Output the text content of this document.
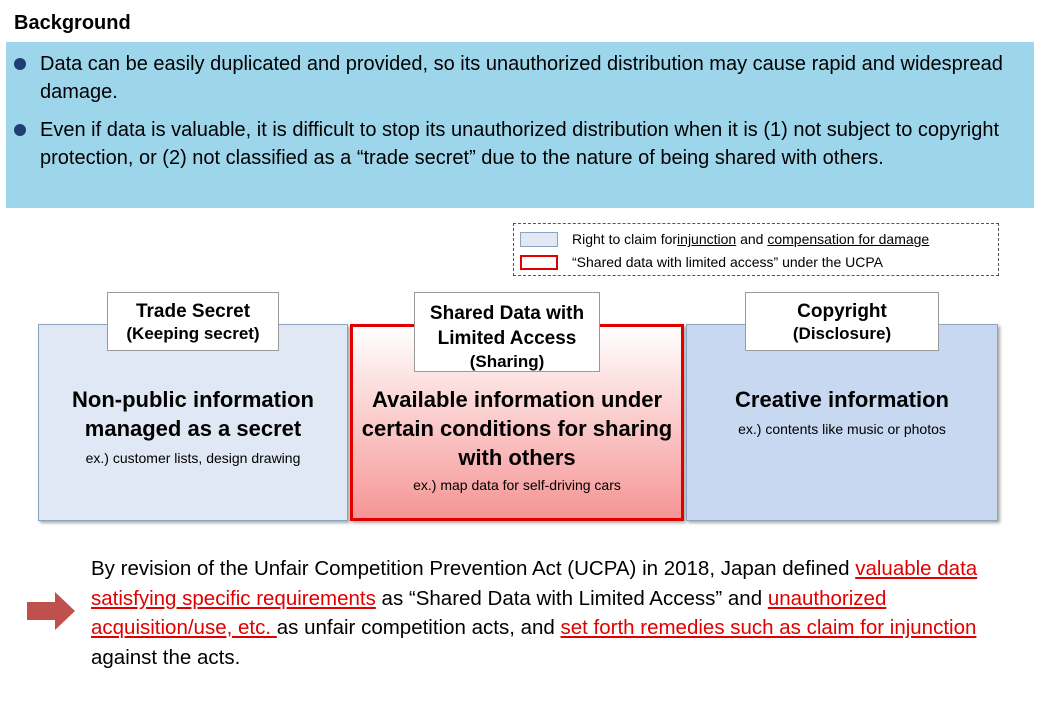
Background
Data can be easily duplicated and provided, so its unauthorized distribution may cause rapid and widespread damage.
Even if data is valuable, it is difficult to stop its unauthorized distribution when it is (1) not subject to copyright protection, or (2) not classified as a “trade secret” due to the nature of being shared with others.
Right to claim for injunction and compensation for damage
“Shared data with limited access” under the UCPA
Trade Secret
(Keeping secret)
Shared Data with Limited Access
(Sharing)
Copyright
(Disclosure)
Non-public information managed as a secret
ex.) customer lists, design drawing
Available information under certain conditions for sharing with others
ex.) map data for self-driving cars
Creative information
ex.) contents like music or photos
By revision of the Unfair Competition Prevention Act (UCPA) in 2018, Japan defined valuable data satisfying specific requirements as “Shared Data with Limited Access” and unauthorized acquisition/use, etc. as unfair competition acts, and set forth remedies such as claim for injunction against the acts.
